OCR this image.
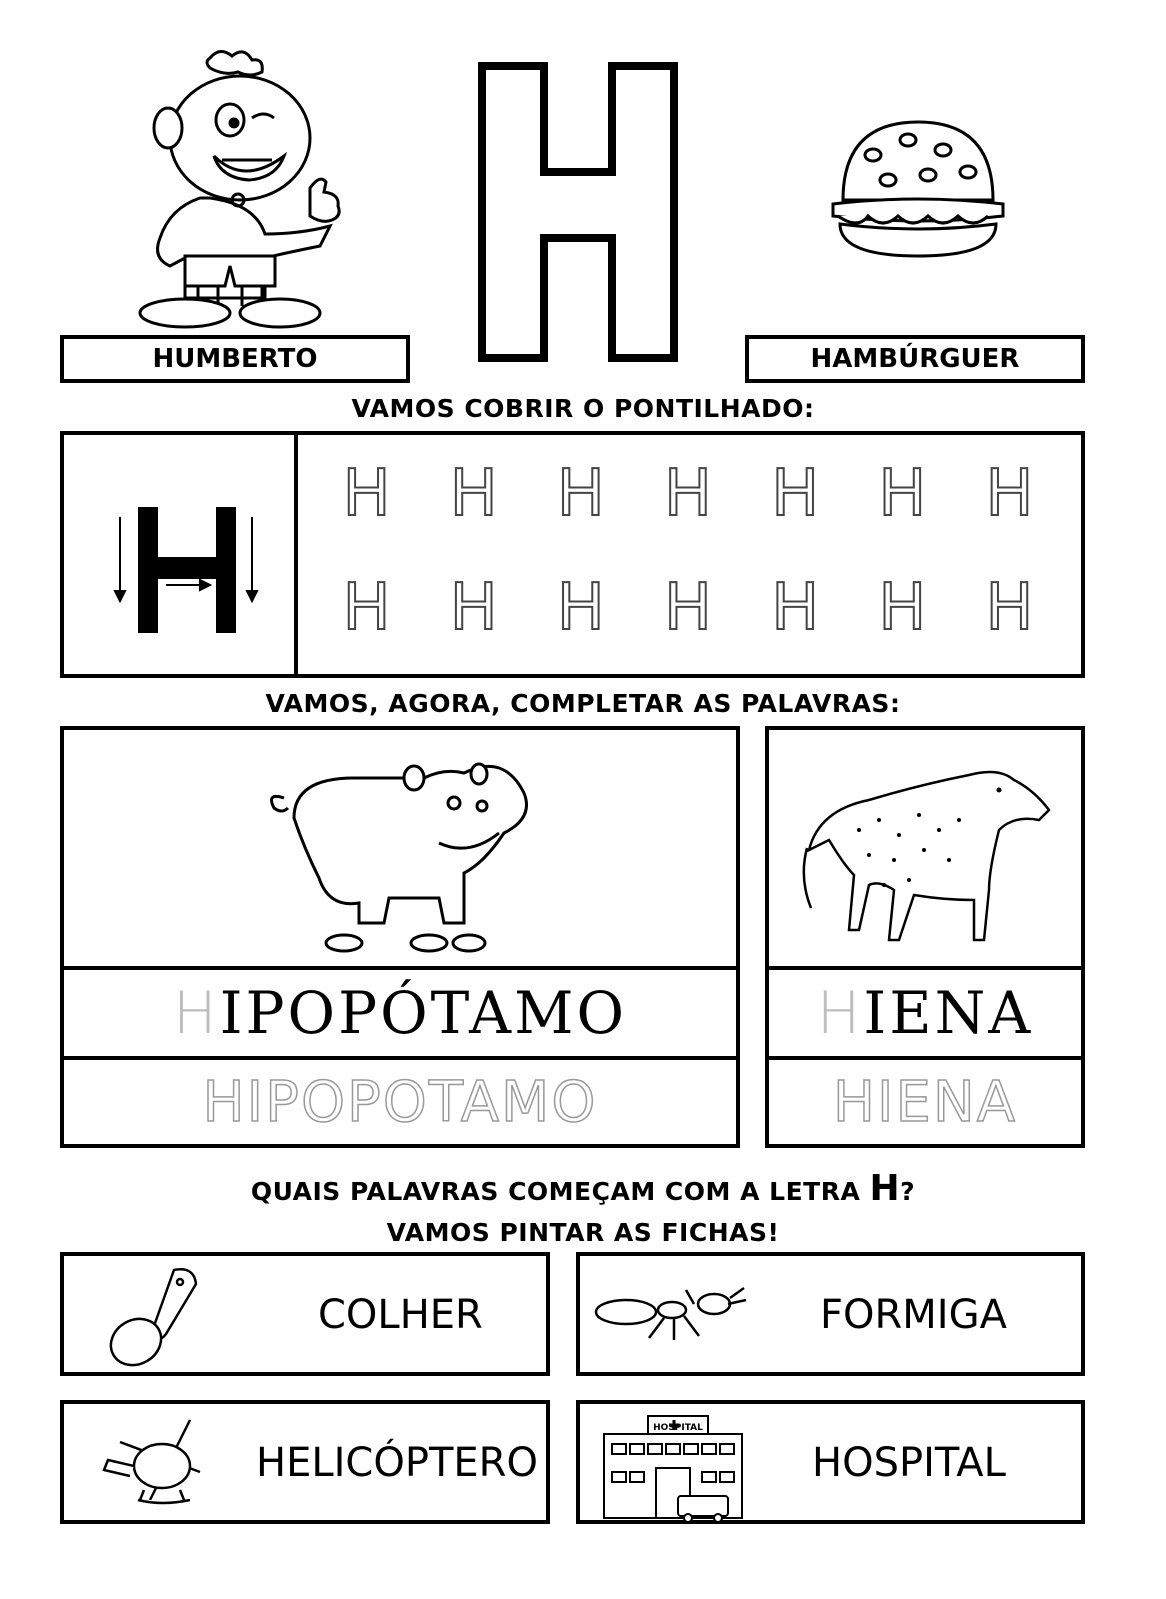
HUMBERTO	HAMBÚRGUER
VAMOS COBRIR O PONTILHADO:
H H H H H H H
H H H H H H H
VAMOS, AGORA, COMPLETAR AS PALAVRAS:
H IPOPÓTAMO
HIPOPOTAMO
H IENA
HIENA
QUAIS PALAVRAS COMEÇAM COM A LETRA H?
VAMOS PINTAR AS FICHAS!
COLHER	FORMIGA
HELICÓPTERO
HOSPITAL
HOSPITAL
